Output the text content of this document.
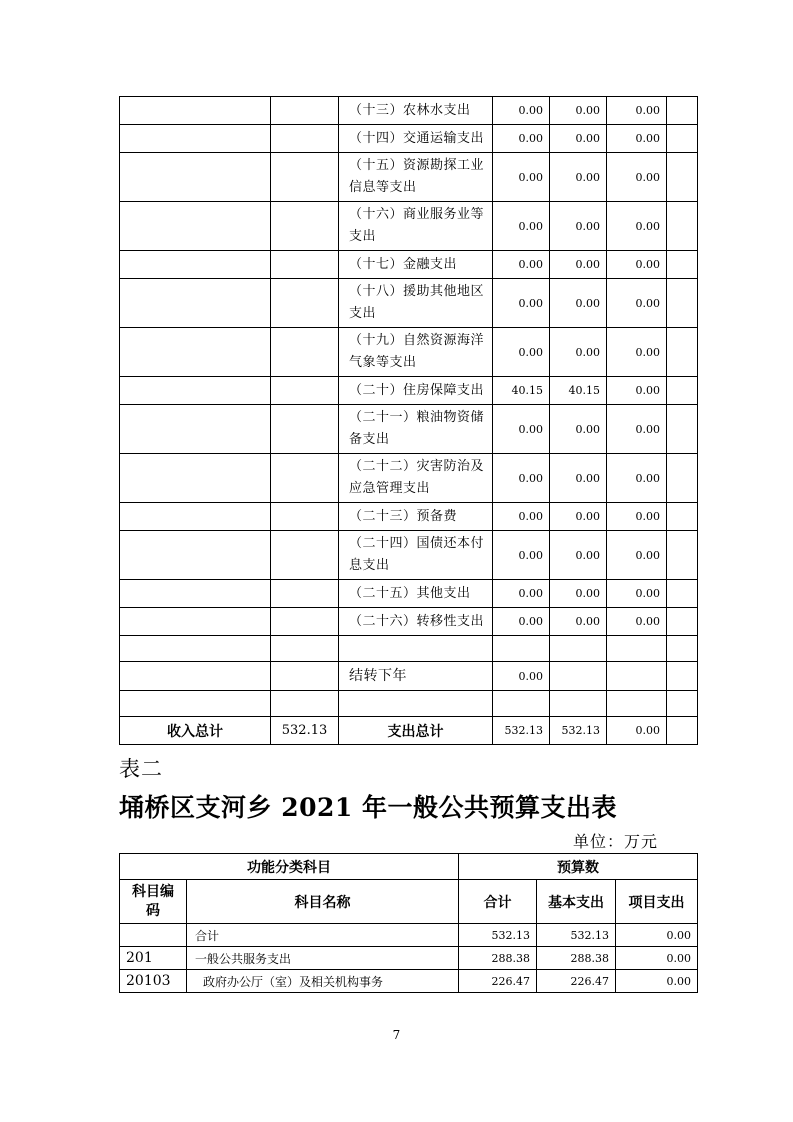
		（十三）农林水支出	0.00	0.00	0.00	
		（十四）交通运输支出	0.00	0.00	0.00	
		（十五）资源勘探工业信息等支出	0.00	0.00	0.00	
		（十六）商业服务业等支出	0.00	0.00	0.00	
		（十七）金融支出	0.00	0.00	0.00	
		（十八）援助其他地区支出	0.00	0.00	0.00	
		（十九）自然资源海洋气象等支出	0.00	0.00	0.00	
		（二十）住房保障支出	40.15	40.15	0.00	
		（二十一）粮油物资储备支出	0.00	0.00	0.00	
		（二十二）灾害防治及应急管理支出	0.00	0.00	0.00	
		（二十三）预备费	0.00	0.00	0.00	
		（二十四）国债还本付息支出	0.00	0.00	0.00	
		（二十五）其他支出	0.00	0.00	0.00	
		（二十六）转移性支出	0.00	0.00	0.00	

		结转下年	0.00			

收入总计	532.13	支出总计	532.13	532.13	0.00	
表二
埇桥区支河乡 2021 年一般公共预算支出表
单位：万元
功能分类科目		预算数		
科目编码	科目名称	合计	基本支出	项目支出
	合计	532.13	532.13	0.00
201	一般公共服务支出	288.38	288.38	0.00
20103	政府办公厅（室）及相关机构事务	226.47	226.47	0.00
7
